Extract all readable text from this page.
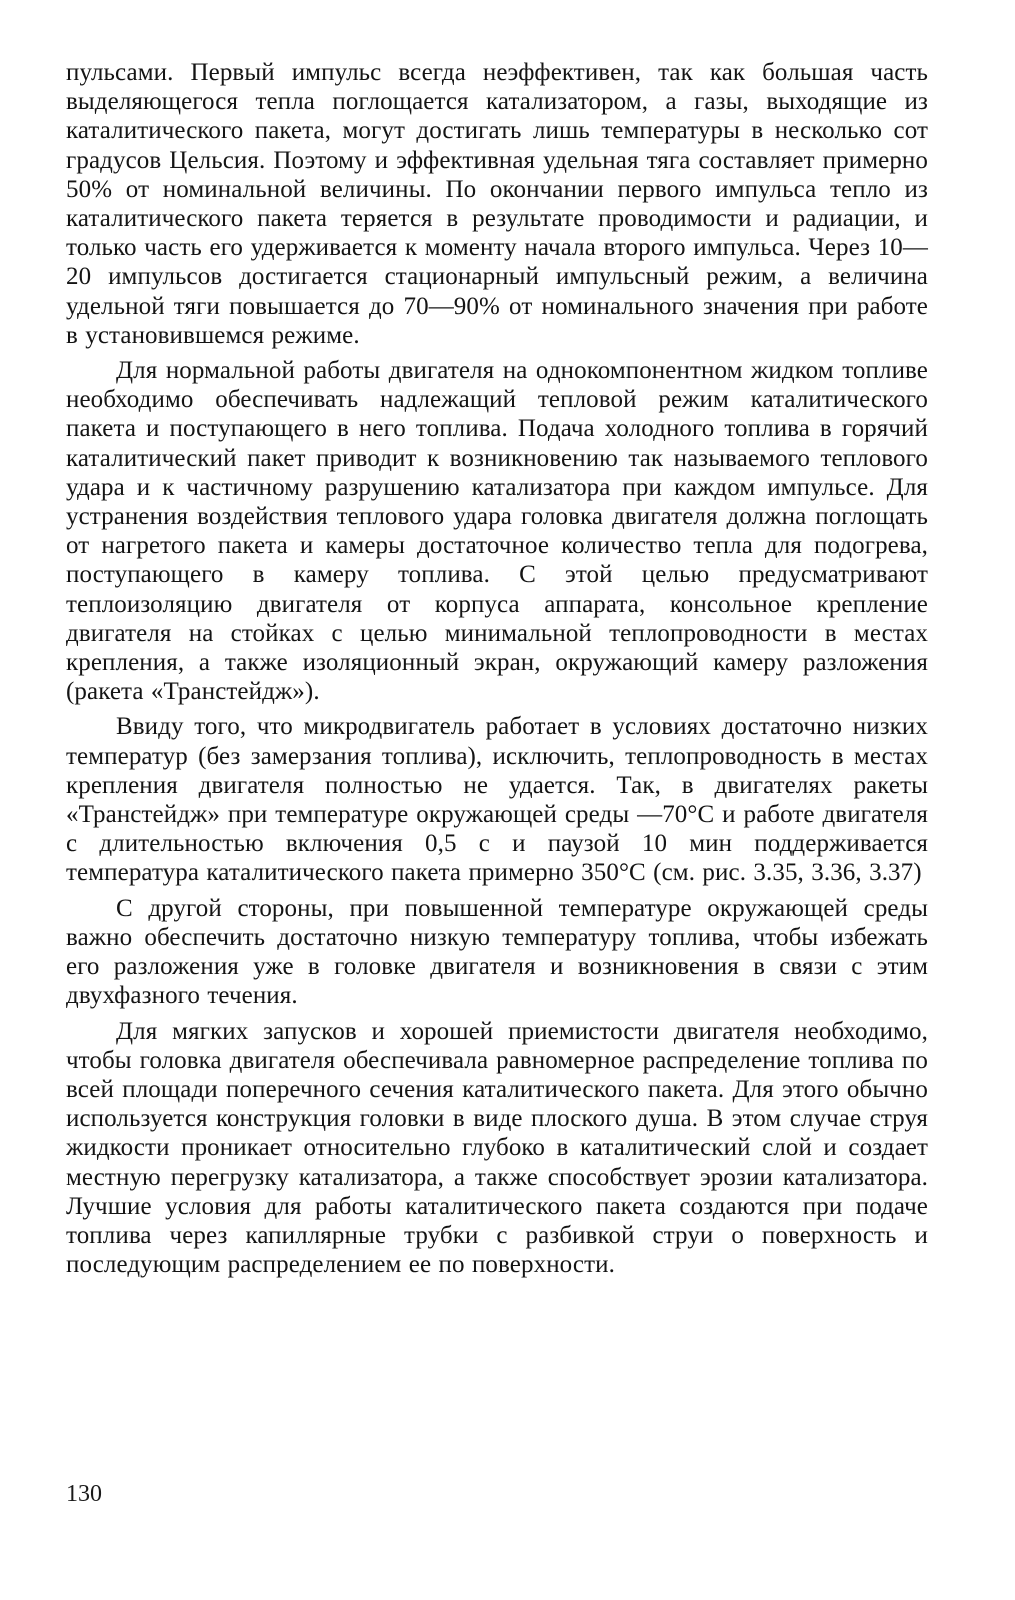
пульсами. Первый импульс всегда неэффективен, так как большая часть выделяющегося тепла поглощается катализатором, а газы, выходящие из каталитического пакета, могут достигать лишь температуры в несколько сот градусов Цельсия. Поэтому и эффективная удельная тяга составляет примерно 50% от номинальной величины. По окончании первого импульса тепло из каталитического пакета теряется в результате проводимости и радиации, и только часть его удерживается к моменту начала второго импульса. Через 10—20 импульсов достигается стационарный импульсный режим, а величина удельной тяги повышается до 70—90% от номинального значения при работе в установившемся режиме.

Для нормальной работы двигателя на однокомпонентном жидком топливе необходимо обеспечивать надлежащий тепловой режим каталитического пакета и поступающего в него топлива. Подача холодного топлива в горячий каталитический пакет приводит к возникновению так называемого теплового удара и к частичному разрушению катализатора при каждом импульсе. Для устранения воздействия теплового удара головка двигателя должна поглощать от нагретого пакета и камеры достаточное количество тепла для подогрева, поступающего в камеру топлива. С этой целью предусматривают теплоизоляцию двигателя от корпуса аппарата, консольное крепление двигателя на стойках с целью минимальной теплопроводности в местах крепления, а также изоляционный экран, окружающий камеру разложения (ракета «Транстейдж»).

Ввиду того, что микродвигатель работает в условиях достаточно низких температур (без замерзания топлива), исключить, теплопроводность в местах крепления двигателя полностью не удается. Так, в двигателях ракеты «Транстейдж» при температуре окружающей среды —70°C и работе двигателя с длительностью включения 0,5 с и паузой 10 мин поддерживается температура каталитического пакета примерно 350°C (см. рис. 3.35, 3.36, 3.37)

С другой стороны, при повышенной температуре окружающей среды важно обеспечить достаточно низкую температуру топлива, чтобы избежать его разложения уже в головке двигателя и возникновения в связи с этим двухфазного течения.

Для мягких запусков и хорошей приемистости двигателя необходимо, чтобы головка двигателя обеспечивала равномерное распределение топлива по всей площади поперечного сечения каталитического пакета. Для этого обычно используется конструкция головки в виде плоского душа. В этом случае струя жидкости проникает относительно глубоко в каталитический слой и создает местную перегрузку катализатора, а также способствует эрозии катализатора. Лучшие условия для работы каталитического пакета создаются при подаче топлива через капиллярные трубки с разбивкой струи о поверхность и последующим распределением ее по поверхности.

130
